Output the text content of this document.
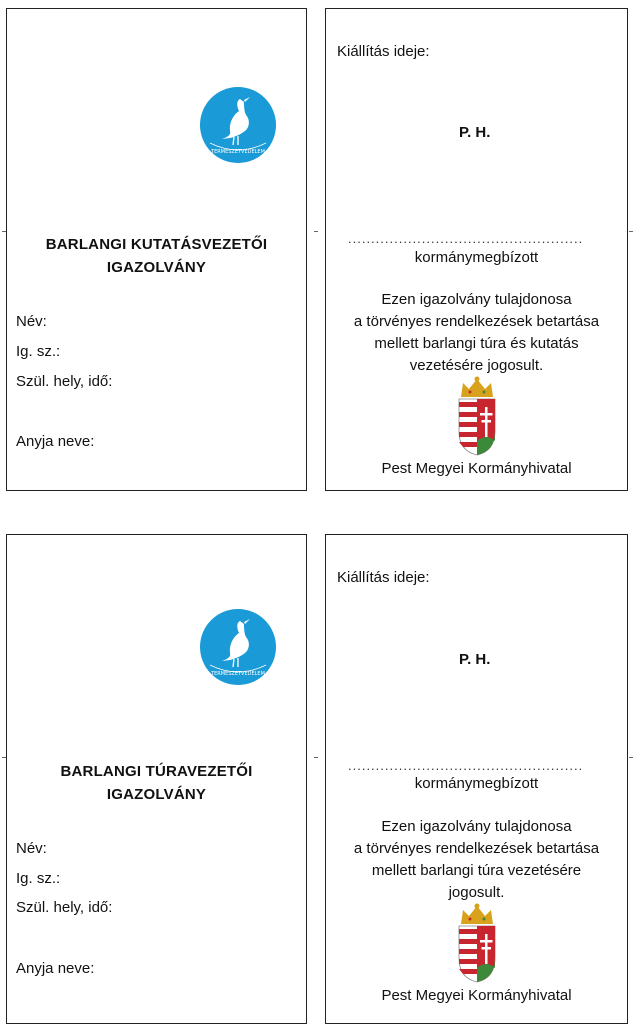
TERMÉSZETVÉDELEM
BARLANGI KUTATÁSVEZETŐI
IGAZOLVÁNY
Név:
Ig. sz.:
Szül. hely, idő:
Anyja neve:
Kiállítás ideje:
P. H.
...................................................
kormánymegbízott
Ezen igazolvány tulajdonosa
a törvényes rendelkezések betartása
mellett barlangi túra és kutatás
vezetésére jogosult.
Pest Megyei Kormányhivatal
TERMÉSZETVÉDELEM
BARLANGI TÚRAVEZETŐI
IGAZOLVÁNY
Név:
Ig. sz.:
Szül. hely, idő:
Anyja neve:
Kiállítás ideje:
P. H.
...................................................
kormánymegbízott
Ezen igazolvány tulajdonosa
a törvényes rendelkezések betartása
mellett barlangi túra vezetésére
jogosult.
Pest Megyei Kormányhivatal
